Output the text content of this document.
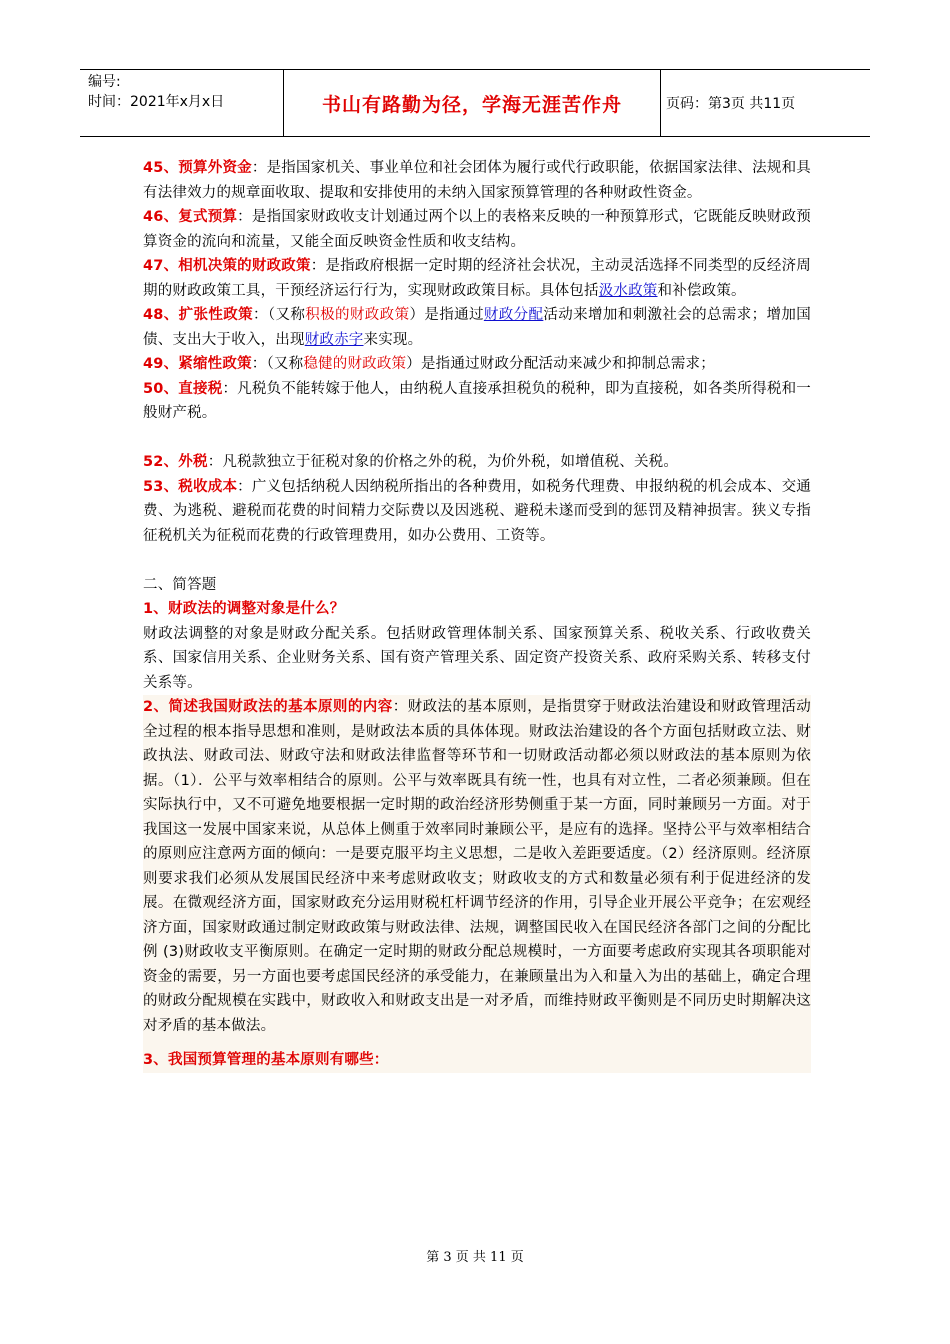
编号:
时间：2021年x月x日	书山有路勤为径，学海无涯苦作舟	页码：第3页 共11页

45、预算外资金：是指国家机关、事业单位和社会团体为履行或代行政职能，依据国家法律、法规和具有法律效力的规章面收取、提取和安排使用的未纳入国家预算管理的各种财政性资金。

46、复式预算：是指国家财政收支计划通过两个以上的表格来反映的一种预算形式，它既能反映财政预算资金的流向和流量，又能全面反映资金性质和收支结构。

47、相机决策的财政政策：是指政府根据一定时期的经济社会状况，主动灵活选择不同类型的反经济周期的财政政策工具，干预经济运行行为，实现财政政策目标。具体包括汲水政策和补偿政策。

48、扩张性政策：（又称积极的财政政策）是指通过财政分配活动来增加和刺激社会的总需求；增加国债、支出大于收入，出现财政赤字来实现。

49、紧缩性政策：（又称稳健的财政政策）是指通过财政分配活动来减少和抑制总需求；

50、直接税：凡税负不能转嫁于他人，由纳税人直接承担税负的税种，即为直接税，如各类所得税和一般财产税。

52、外税：凡税款独立于征税对象的价格之外的税，为价外税，如增值税、关税。

53、税收成本：广义包括纳税人因纳税所指出的各种费用，如税务代理费、申报纳税的机会成本、交通费、为逃税、避税而花费的时间精力交际费以及因逃税、避税未遂而受到的惩罚及精神损害。狭义专指征税机关为征税而花费的行政管理费用，如办公费用、工资等。

二、简答题

1、财政法的调整对象是什么？

财政法调整的对象是财政分配关系。包括财政管理体制关系、国家预算关系、税收关系、行政收费关系、国家信用关系、企业财务关系、国有资产管理关系、固定资产投资关系、政府采购关系、转移支付关系等。

2、简述我国财政法的基本原则的内容：财政法的基本原则，是指贯穿于财政法治建设和财政管理活动全过程的根本指导思想和准则，是财政法本质的具体体现。财政法治建设的各个方面包括财政立法、财政执法、财政司法、财政守法和财政法律监督等环节和一切财政活动都必须以财政法的基本原则为依据。（1）．公平与效率相结合的原则。公平与效率既具有统一性，也具有对立性，二者必须兼顾。但在实际执行中，又不可避免地要根据一定时期的政治经济形势侧重于某一方面，同时兼顾另一方面。对于我国这一发展中国家来说，从总体上侧重于效率同时兼顾公平，是应有的选择。坚持公平与效率相结合的原则应注意两方面的倾向：一是要克服平均主义思想，二是收入差距要适度。（2）经济原则。经济原则要求我们必须从发展国民经济中来考虑财政收支；财政收支的方式和数量必须有利于促进经济的发展。在微观经济方面，国家财政充分运用财税杠杆调节经济的作用，引导企业开展公平竞争；在宏观经济方面，国家财政通过制定财政政策与财政法律、法规，调整国民收入在国民经济各部门之间的分配比例 (3)财政收支平衡原则。在确定一定时期的财政分配总规模时，一方面要考虑政府实现其各项职能对资金的需要，另一方面也要考虑国民经济的承受能力，在兼顾量出为入和量入为出的基础上，确定合理的财政分配规模在实践中，财政收入和财政支出是一对矛盾，而维持财政平衡则是不同历史时期解决这对矛盾的基本做法。

3、我国预算管理的基本原则有哪些：

第 3 页 共 11 页
